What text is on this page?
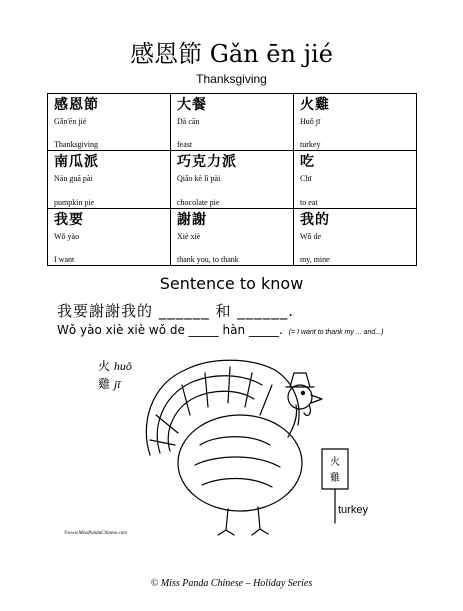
感恩節 Gǎn ēn jié
Thanksgiving
感恩節
Gǎn'ēn jié
Thanksgiving	大餐
Dà cān
feast	火雞
Huǒ jī
turkey

南瓜派
Nán guā pài
pumpkin pie	巧克力派
Qiǎo kè lì pài
chocolate pie	吃
Chī
to eat

我要
Wǒ yào
I want	謝謝
Xiè xiè
thank you, to thank	我的
Wǒ de
my, mine
Sentence to know
我要謝謝我的 ______ 和 ______.
Wǒ yào xiè xiè wǒ de _____ hàn _____. (= I want to thank my ... and...)
火 huǒ
雞 jī
火
雞
turkey
©www.MissPandaChinese.com
© Miss Panda Chinese – Holiday Series
